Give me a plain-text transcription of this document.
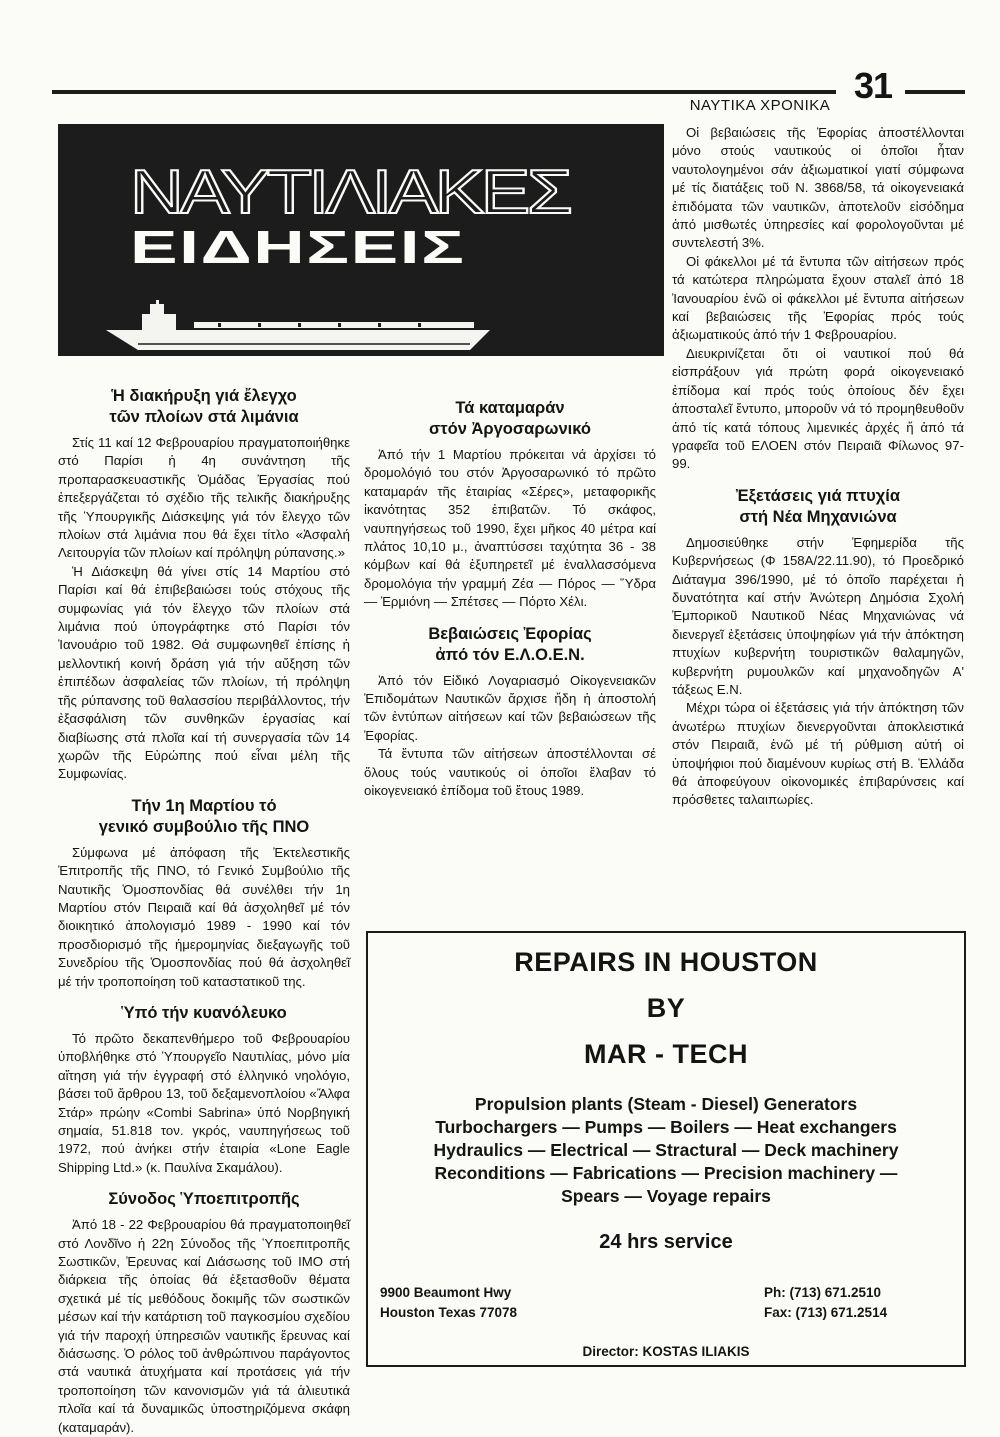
31
ΝΑΥΤΙΚΑ ΧΡΟΝΙΚΑ
ΝΑΥΤΙΛΙΑΚΕΣ
ΕΙΔΗΣΕΙΣ
Ἡ διακήρυξη γιά ἔλεγχο
τῶν πλοίων στά λιμάνια

Στίς 11 καί 12 Φεβρουαρίου πραγματοποιήθηκε στό Παρίσι ἡ 4η συνάντηση τῆς προπαρασκευαστικῆς Ὁμάδας Ἐργασίας πού ἐπεξεργάζεται τό σχέδιο τῆς τελικῆς διακήρυξης τῆς Ὑπουργικῆς Διάσκεψης γιά τόν ἔλεγχο τῶν πλοίων στά λιμάνια που θά ἔχει τίτλο «Ἀσφαλή Λειτουργία τῶν πλοίων καί πρόληψη ρύπανσης.»

Ἡ Διάσκεψη θά γίνει στίς 14 Μαρτίου στό Παρίσι καί θά ἐπιβεβαιώσει τούς στόχους τῆς συμφωνίας γιά τόν ἔλεγχο τῶν πλοίων στά λιμάνια πού ὑπογράφτηκε στό Παρίσι τόν Ἰανουάριο τοῦ 1982. Θά συμφωνηθεῖ ἐπίσης ἡ μελλοντική κοινή δράση γιά τήν αὔξηση τῶν ἐπιπέδων ἀσφαλείας τῶν πλοίων, τή πρόληψη τῆς ρύπανσης τοῦ θαλασσίου περιβάλλοντος, τήν ἐξασφάλιση τῶν συνθηκῶν ἐργασίας καί διαβίωσης στά πλοῖα καί τή συνεργασία τῶν 14 χωρῶν τῆς Εὐρώπης πού εἶναι μέλη τῆς Συμφωνίας.

Τήν 1η Μαρτίου τό
γενικό συμβούλιο τῆς ΠΝΟ

Σύμφωνα μέ ἀπόφαση τῆς Ἐκτελεστικῆς Ἐπιτροπῆς τῆς ΠΝΟ, τό Γενικό Συμβούλιο τῆς Ναυτικῆς Ὁμοσπονδίας θά συνέλθει τήν 1η Μαρτίου στόν Πειραιᾶ καί θά ἀσχοληθεῖ μέ τόν διοικητικό ἀπολογισμό 1989 - 1990 καί τόν προσδιορισμό τῆς ἡμερομηνίας διεξαγωγῆς τοῦ Συνεδρίου τῆς Ὁμοσπονδίας πού θά ἀσχοληθεῖ μέ τήν τροποποίηση τοῦ καταστατικοῦ της.

Ὑπό τήν κυανόλευκο

Τό πρῶτο δεκαπενθήμερο τοῦ Φεβρουαρίου ὑποβλήθηκε στό Ὑπουργεῖο Ναυτιλίας, μόνο μία αἴτηση γιά τήν ἐγγραφή στό ἑλληνικό νηολόγιο, βάσει τοῦ ἄρθρου 13, τοῦ δεξαμενοπλοίου «Ἄλφα Στάρ» πρώην «Combi Sabrina» ὑπό Νορβηγική σημαία, 51.818 τον. γκρός, ναυπηγήσεως τοῦ 1972, πού ἀνήκει στήν ἑταιρία «Lone Eagle Shipping Ltd.» (κ. Παυλίνα Σκαμάλου).

Σύνοδος Ὑποεπιτροπῆς

Ἀπό 18 - 22 Φεβρουαρίου θά πραγματοποιηθεῖ στό Λονδῖνο ἡ 22η Σύνοδος τῆς Ὑποεπιτροπῆς Σωστικῶν, Ἐρευνας καί Διάσωσης τοῦ ΙΜΟ στή διάρκεια τῆς ὁποίας θά ἐξετασθοῦν θέματα σχετικά μέ τίς μεθόδους δοκιμῆς τῶν σωστικῶν μέσων καί τήν κατάρτιση τοῦ παγκοσμίου σχεδίου γιά τήν παροχή ὑπηρεσιῶν ναυτικῆς ἔρευνας καί διάσωσης. Ὁ ρόλος τοῦ ἀνθρώπινου παράγοντος στά ναυτικά ἀτυχήματα καί προτάσεις γιά τήν τροποποίηση τῶν κανονισμῶν γιά τά ἁλιευτικά πλοῖα καί τά δυναμικῶς ὑποστηριζόμενα σκάφη (καταμαράν).

Τά καταμαράν
στόν Ἀργοσαρωνικό

Ἀπό τήν 1 Μαρτίου πρόκειται νά ἀρχίσει τό δρομολόγιό του στόν Ἀργοσαρωνικό τό πρῶτο καταμαράν τῆς ἑταιρίας «Σέρες», μεταφορικῆς ἱκανότητας 352 ἐπιβατῶν. Τό σκάφος, ναυπηγήσεως τοῦ 1990, ἔχει μῆκος 40 μέτρα καί πλάτος 10,10 μ., ἀναπτύσσει ταχύτητα 36 - 38 κόμβων καί θά ἐξυπηρετεῖ μέ ἐναλλασσόμενα δρομολόγια τήν γραμμή Ζέα — Πόρος — Ὕδρα — Ἑρμιόνη — Σπέτσες — Πόρτο Χέλι.

Βεβαιώσεις Ἐφορίας
ἀπό τόν Ε.Λ.Ο.Ε.Ν.

Ἀπό τόν Εἰδικό Λογαριασμό Οἰκογενειακῶν Ἐπιδομάτων Ναυτικῶν ἄρχισε ἤδη ἡ ἀποστολή τῶν ἐντύπων αἰτήσεων καί τῶν βεβαιώσεων τῆς Ἐφορίας.

Τά ἔντυπα τῶν αἰτήσεων ἀποστέλλονται σέ ὅλους τούς ναυτικούς οἱ ὁποῖοι ἔλαβαν τό οἰκογενειακό ἐπίδομα τοῦ ἔτους 1989.

Οἱ βεβαιώσεις τῆς Ἐφορίας ἀποστέλλονται μόνο στούς ναυτικούς οἱ ὁποῖοι ἦταν ναυτολογημένοι σάν ἀξιωματικοί γιατί σύμφωνα μέ τίς διατάξεις τοῦ Ν. 3868/58, τά οἰκογενειακά ἐπιδόματα τῶν ναυτικῶν, ἀποτελοῦν εἰσόδημα ἀπό μισθωτές ὑπηρεσίες καί φορολογοῦνται μέ συντελεστή 3%.

Οἱ φάκελλοι μέ τά ἔντυπα τῶν αἰτήσεων πρός τά κατώτερα πληρώματα ἔχουν σταλεῖ ἀπό 18 Ἰανουαρίου ἐνῶ οἱ φάκελλοι μέ ἔντυπα αἰτήσεων καί βεβαιώσεις τῆς Ἐφορίας πρός τούς ἀξιωματικούς ἀπό τήν 1 Φεβρουαρίου.

Διευκρινίζεται ὅτι οἱ ναυτικοί πού θά εἰσπράξουν γιά πρώτη φορά οἰκογενειακό ἐπίδομα καί πρός τούς ὁποίους δέν ἔχει ἀποσταλεῖ ἔντυπο, μποροῦν νά τό προμηθευθοῦν ἀπό τίς κατά τόπους λιμενικές ἀρχές ἤ ἀπό τά γραφεῖα τοῦ ΕΛΟΕΝ στόν Πειραιᾶ Φίλωνος 97-99.

Ἐξετάσεις γιά πτυχία
στή Νέα Μηχανιώνα

Δημοσιεύθηκε στήν Ἐφημερίδα τῆς Κυβερνήσεως (Φ 158Α/22.11.90), τό Προεδρικό Διάταγμα 396/1990, μέ τό ὁποῖο παρέχεται ἡ δυνατότητα καί στήν Ἀνώτερη Δημόσια Σχολή Ἐμπορικοῦ Ναυτικοῦ Νέας Μηχανιώνας νά διενεργεῖ ἐξετάσεις ὑποψηφίων γιά τήν ἀπόκτηση πτυχίων κυβερνήτη τουριστικῶν θαλαμηγῶν, κυβερνήτη ρυμουλκῶν καί μηχανοδηγῶν Α' τάξεως Ε.Ν.

Μέχρι τώρα οἱ ἐξετάσεις γιά τήν ἀπόκτηση τῶν ἀνωτέρω πτυχίων διενεργοῦνται ἀποκλειστικά στόν Πειραιᾶ, ἐνῶ μέ τή ρύθμιση αὐτή οἱ ὑποψήφιοι πού διαμένουν κυρίως στή Β. Ἑλλάδα θά ἀποφεύγουν οἰκονομικές ἐπιβαρύνσεις καί πρόσθετες ταλαιπωρίες.

REPAIRS IN HOUSTON
BY
MAR - TECH
Propulsion plants (Steam - Diesel) Generators
Turbochargers — Pumps — Boilers — Heat exchangers
Hydraulics — Electrical — Stractural — Deck machinery
Reconditions — Fabrications — Precision machinery —
Spears — Voyage repairs
24 hrs service
9900 Beaumont Hwy
Houston Texas 77078
Ph: (713) 671.2510
Fax: (713) 671.2514
Director: KOSTAS ILIAKIS
